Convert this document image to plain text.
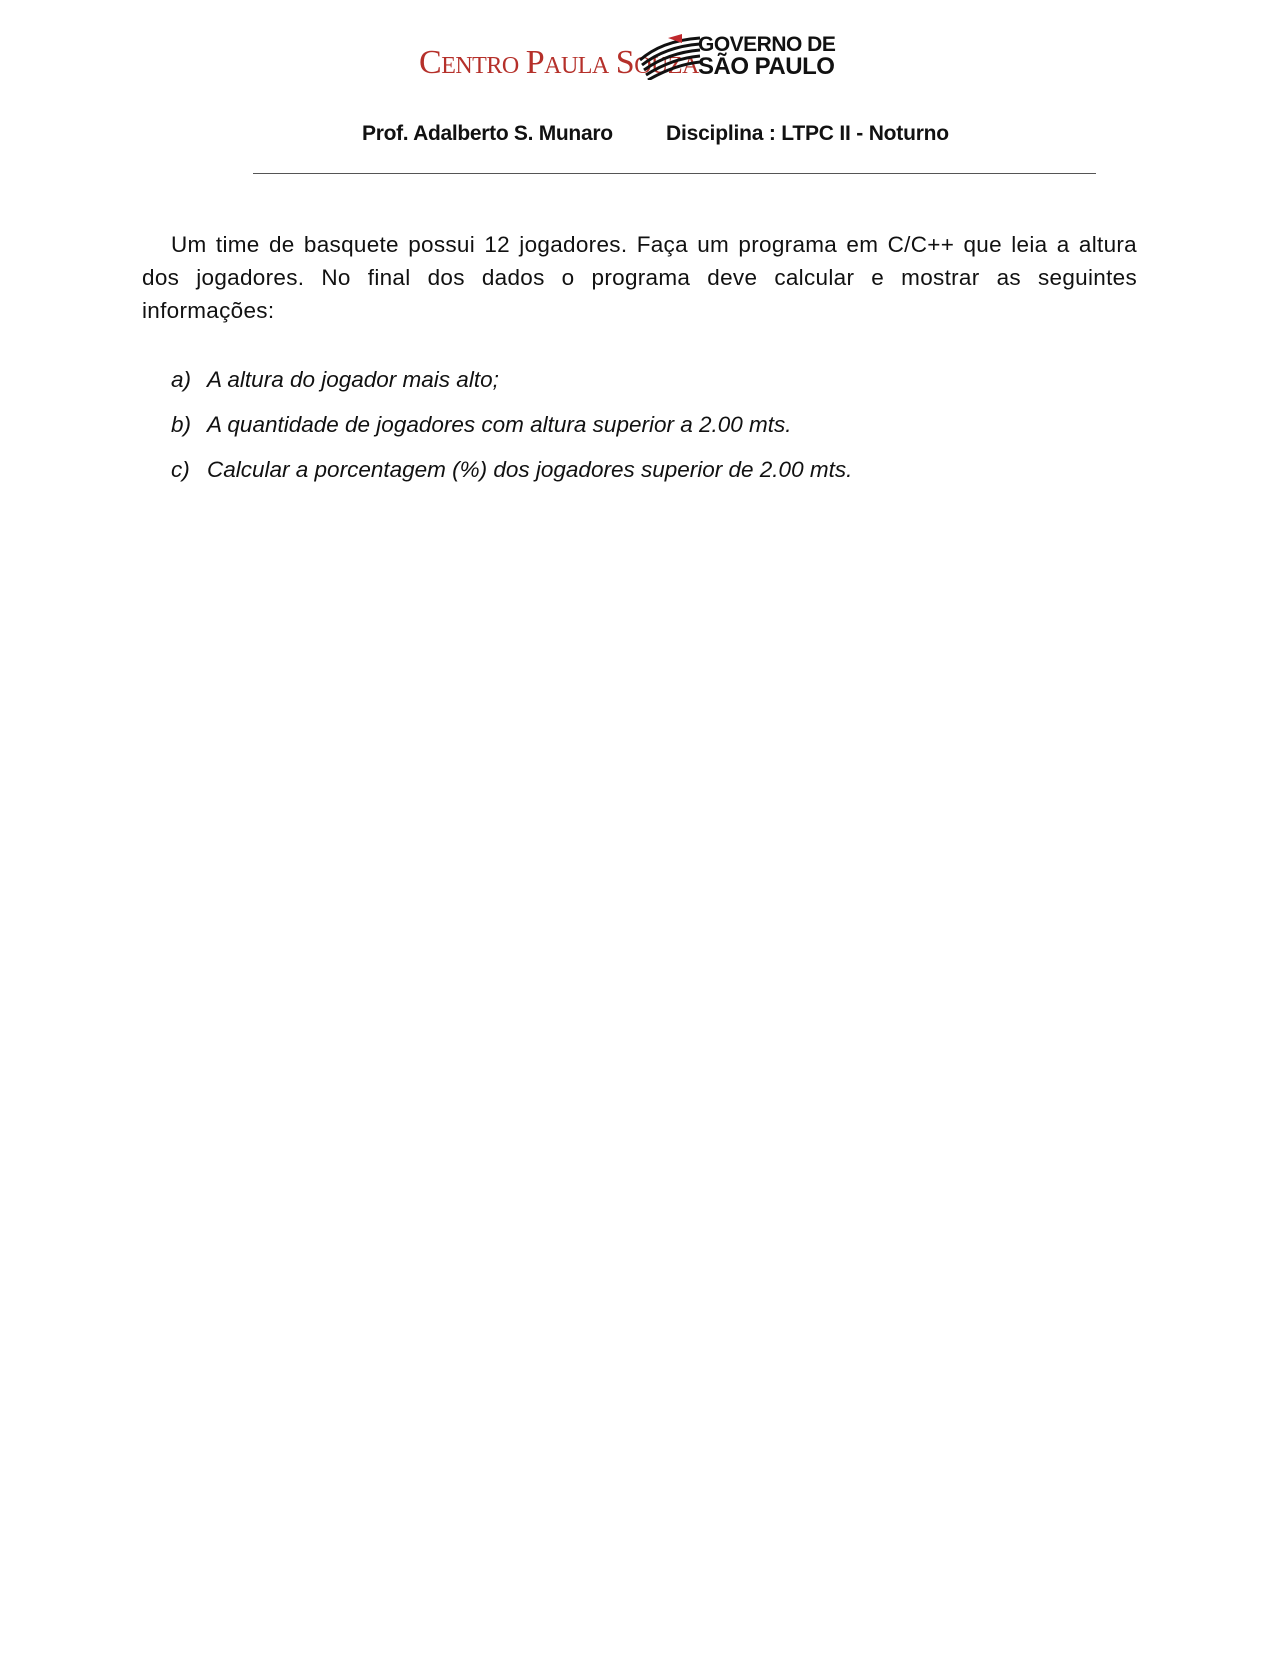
CENTRO PAULA SOUZA
GOVERNO DE
SÃO PAULO
Prof. Adalberto S. Munaro	Disciplina : LTPC II - Noturno

Um time de basquete possui 12 jogadores. Faça um programa em C/C++ que leia a altura dos jogadores. No final dos dados o programa deve calcular e mostrar as seguintes informações:

a) A altura do jogador mais alto;
b) A quantidade de jogadores com altura superior a 2.00 mts.
c) Calcular a porcentagem (%) dos jogadores superior de 2.00 mts.
